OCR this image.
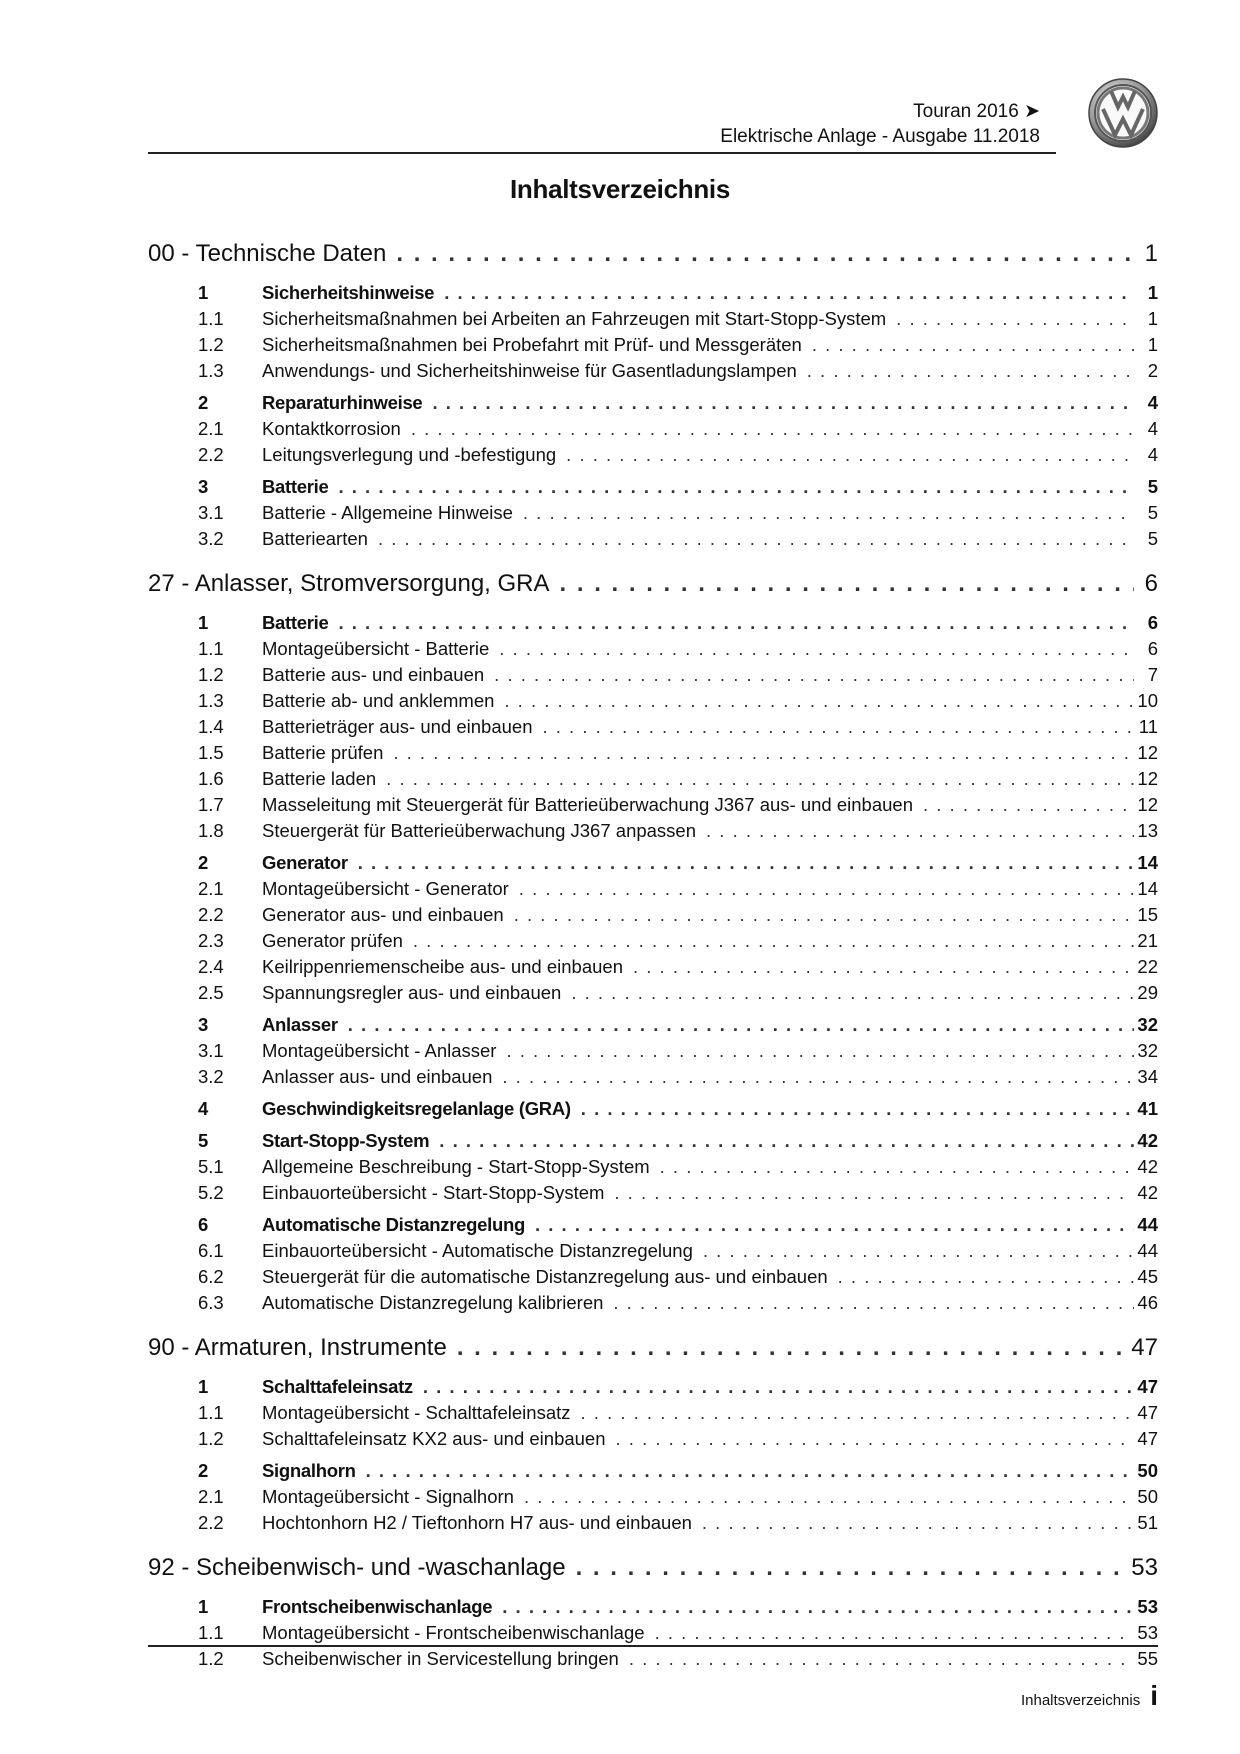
Touran 2016 ➤
Elektrische Anlage - Ausgabe 11.2018
Inhaltsverzeichnis
00 - Technische Daten . . .	1
1	Sicherheitshinweise . . .	1
1.1	Sicherheitsmaßnahmen bei Arbeiten an Fahrzeugen mit Start-Stopp-System . . .	1
1.2	Sicherheitsmaßnahmen bei Probefahrt mit Prüf- und Messgeräten . . .	1
1.3	Anwendungs- und Sicherheitshinweise für Gasentladungslampen . . .	2
2	Reparaturhinweise . . .	4
2.1	Kontaktkorrosion . . .	4
2.2	Leitungsverlegung und -befestigung . . .	4
3	Batterie . . .	5
3.1	Batterie - Allgemeine Hinweise . . .	5
3.2	Batteriearten . . .	5
27 - Anlasser, Stromversorgung, GRA . . .	6
1	Batterie . . .	6
1.1	Montageübersicht - Batterie . . .	6
1.2	Batterie aus- und einbauen . . .	7
1.3	Batterie ab- und anklemmen . . .	10
1.4	Batterieträger aus- und einbauen . . .	11
1.5	Batterie prüfen . . .	12
1.6	Batterie laden . . .	12
1.7	Masseleitung mit Steuergerät für Batterieüberwachung J367 aus- und einbauen . . .	12
1.8	Steuergerät für Batterieüberwachung J367 anpassen . . .	13
2	Generator . . .	14
2.1	Montageübersicht - Generator . . .	14
2.2	Generator aus- und einbauen . . .	15
2.3	Generator prüfen . . .	21
2.4	Keilrippenriemenscheibe aus- und einbauen . . .	22
2.5	Spannungsregler aus- und einbauen . . .	29
3	Anlasser . . .	32
3.1	Montageübersicht - Anlasser . . .	32
3.2	Anlasser aus- und einbauen . . .	34
4	Geschwindigkeitsregelanlage (GRA) . . .	41
5	Start-Stopp-System . . .	42
5.1	Allgemeine Beschreibung - Start-Stopp-System . . .	42
5.2	Einbauorteübersicht - Start-Stopp-System . . .	42
6	Automatische Distanzregelung . . .	44
6.1	Einbauorteübersicht - Automatische Distanzregelung . . .	44
6.2	Steuergerät für die automatische Distanzregelung aus- und einbauen . . .	45
6.3	Automatische Distanzregelung kalibrieren . . .	46
90 - Armaturen, Instrumente . . .	47
1	Schalttafeleinsatz . . .	47
1.1	Montageübersicht - Schalttafeleinsatz . . .	47
1.2	Schalttafeleinsatz KX2 aus- und einbauen . . .	47
2	Signalhorn . . .	50
2.1	Montageübersicht - Signalhorn . . .	50
2.2	Hochtonhorn H2 / Tieftonhorn H7 aus- und einbauen . . .	51
92 - Scheibenwisch- und -waschanlage . . .	53
1	Frontscheibenwischanlage . . .	53
1.1	Montageübersicht - Frontscheibenwischanlage . . .	53
1.2	Scheibenwischer in Servicestellung bringen . . .	55
Inhaltsverzeichnis i
